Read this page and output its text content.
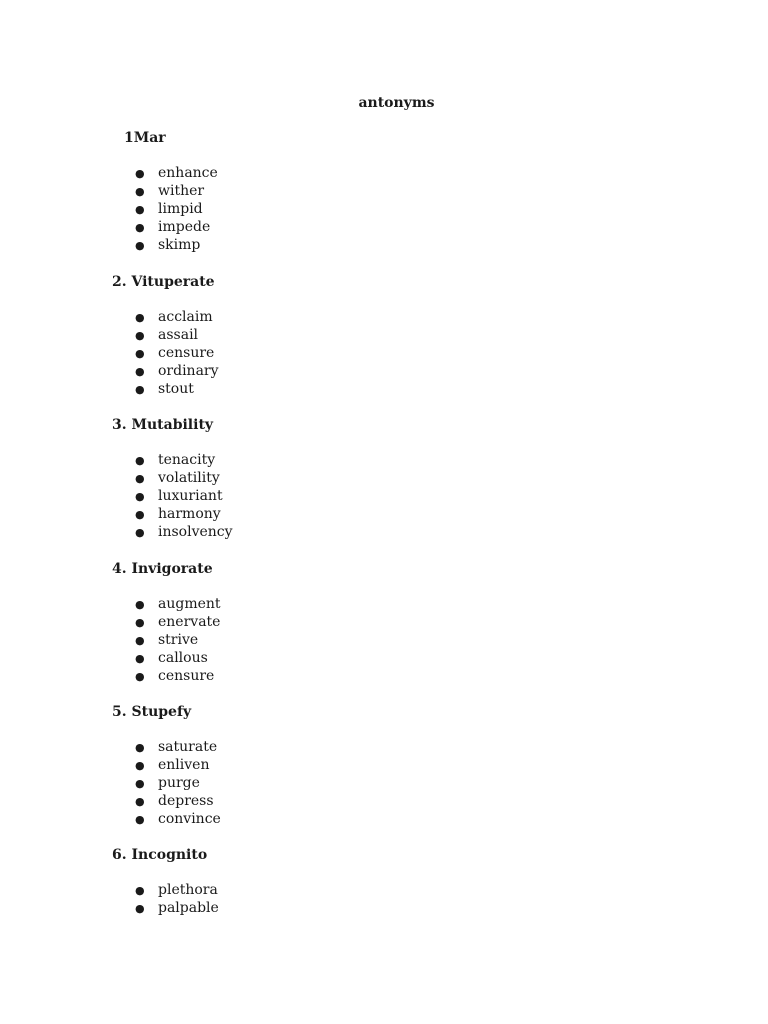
antonyms
1Mar
● enhance
● wither
● limpid
● impede
● skimp
2. Vituperate
● acclaim
● assail
● censure
● ordinary
● stout
3. Mutability
● tenacity
● volatility
● luxuriant
● harmony
● insolvency
4. Invigorate
● augment
● enervate
● strive
● callous
● censure
5. Stupefy
● saturate
● enliven
● purge
● depress
● convince
6. Incognito
● plethora
● palpable
